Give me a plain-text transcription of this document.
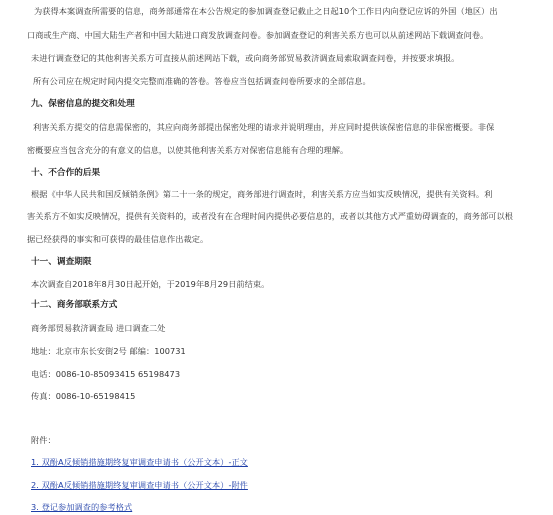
为获得本案调查所需要的信息，商务部通常在本公告规定的参加调查登记截止之日起10个工作日内向登记应诉的外国（地区）出
口商或生产商、中国大陆生产者和中国大陆进口商发放调查问卷。参加调查登记的利害关系方也可以从前述网站下载调查问卷。
未进行调查登记的其他利害关系方可直接从前述网站下载，或向商务部贸易救济调查局索取调查问卷，并按要求填报。
所有公司应在规定时间内提交完整而准确的答卷。答卷应当包括调查问卷所要求的全部信息。
九、保密信息的提交和处理
利害关系方提交的信息需保密的，其应向商务部提出保密处理的请求并说明理由，并应同时提供该保密信息的非保密概要。非保
密概要应当包含充分的有意义的信息，以使其他利害关系方对保密信息能有合理的理解。
十、不合作的后果
根据《中华人民共和国反倾销条例》第二十一条的规定，商务部进行调查时，利害关系方应当如实反映情况，提供有关资料。利
害关系方不如实反映情况，提供有关资料的，或者没有在合理时间内提供必要信息的，或者以其他方式严重妨碍调查的，商务部可以根
据已经获得的事实和可获得的最佳信息作出裁定。
十一、调查期限
本次调查自2018年8月30日起开始，于2019年8月29日前结束。
十二、商务部联系方式
商务部贸易救济调查局 进口调查二处
地址：北京市东长安街2号 邮编：100731
电话：0086-10-85093415 65198473
传真：0086-10-65198415
附件：
1. 双酚A反倾销措施期终复审调查申请书（公开文本）-正文
2. 双酚A反倾销措施期终复审调查申请书（公开文本）-附件
3. 登记参加调查的参考格式
